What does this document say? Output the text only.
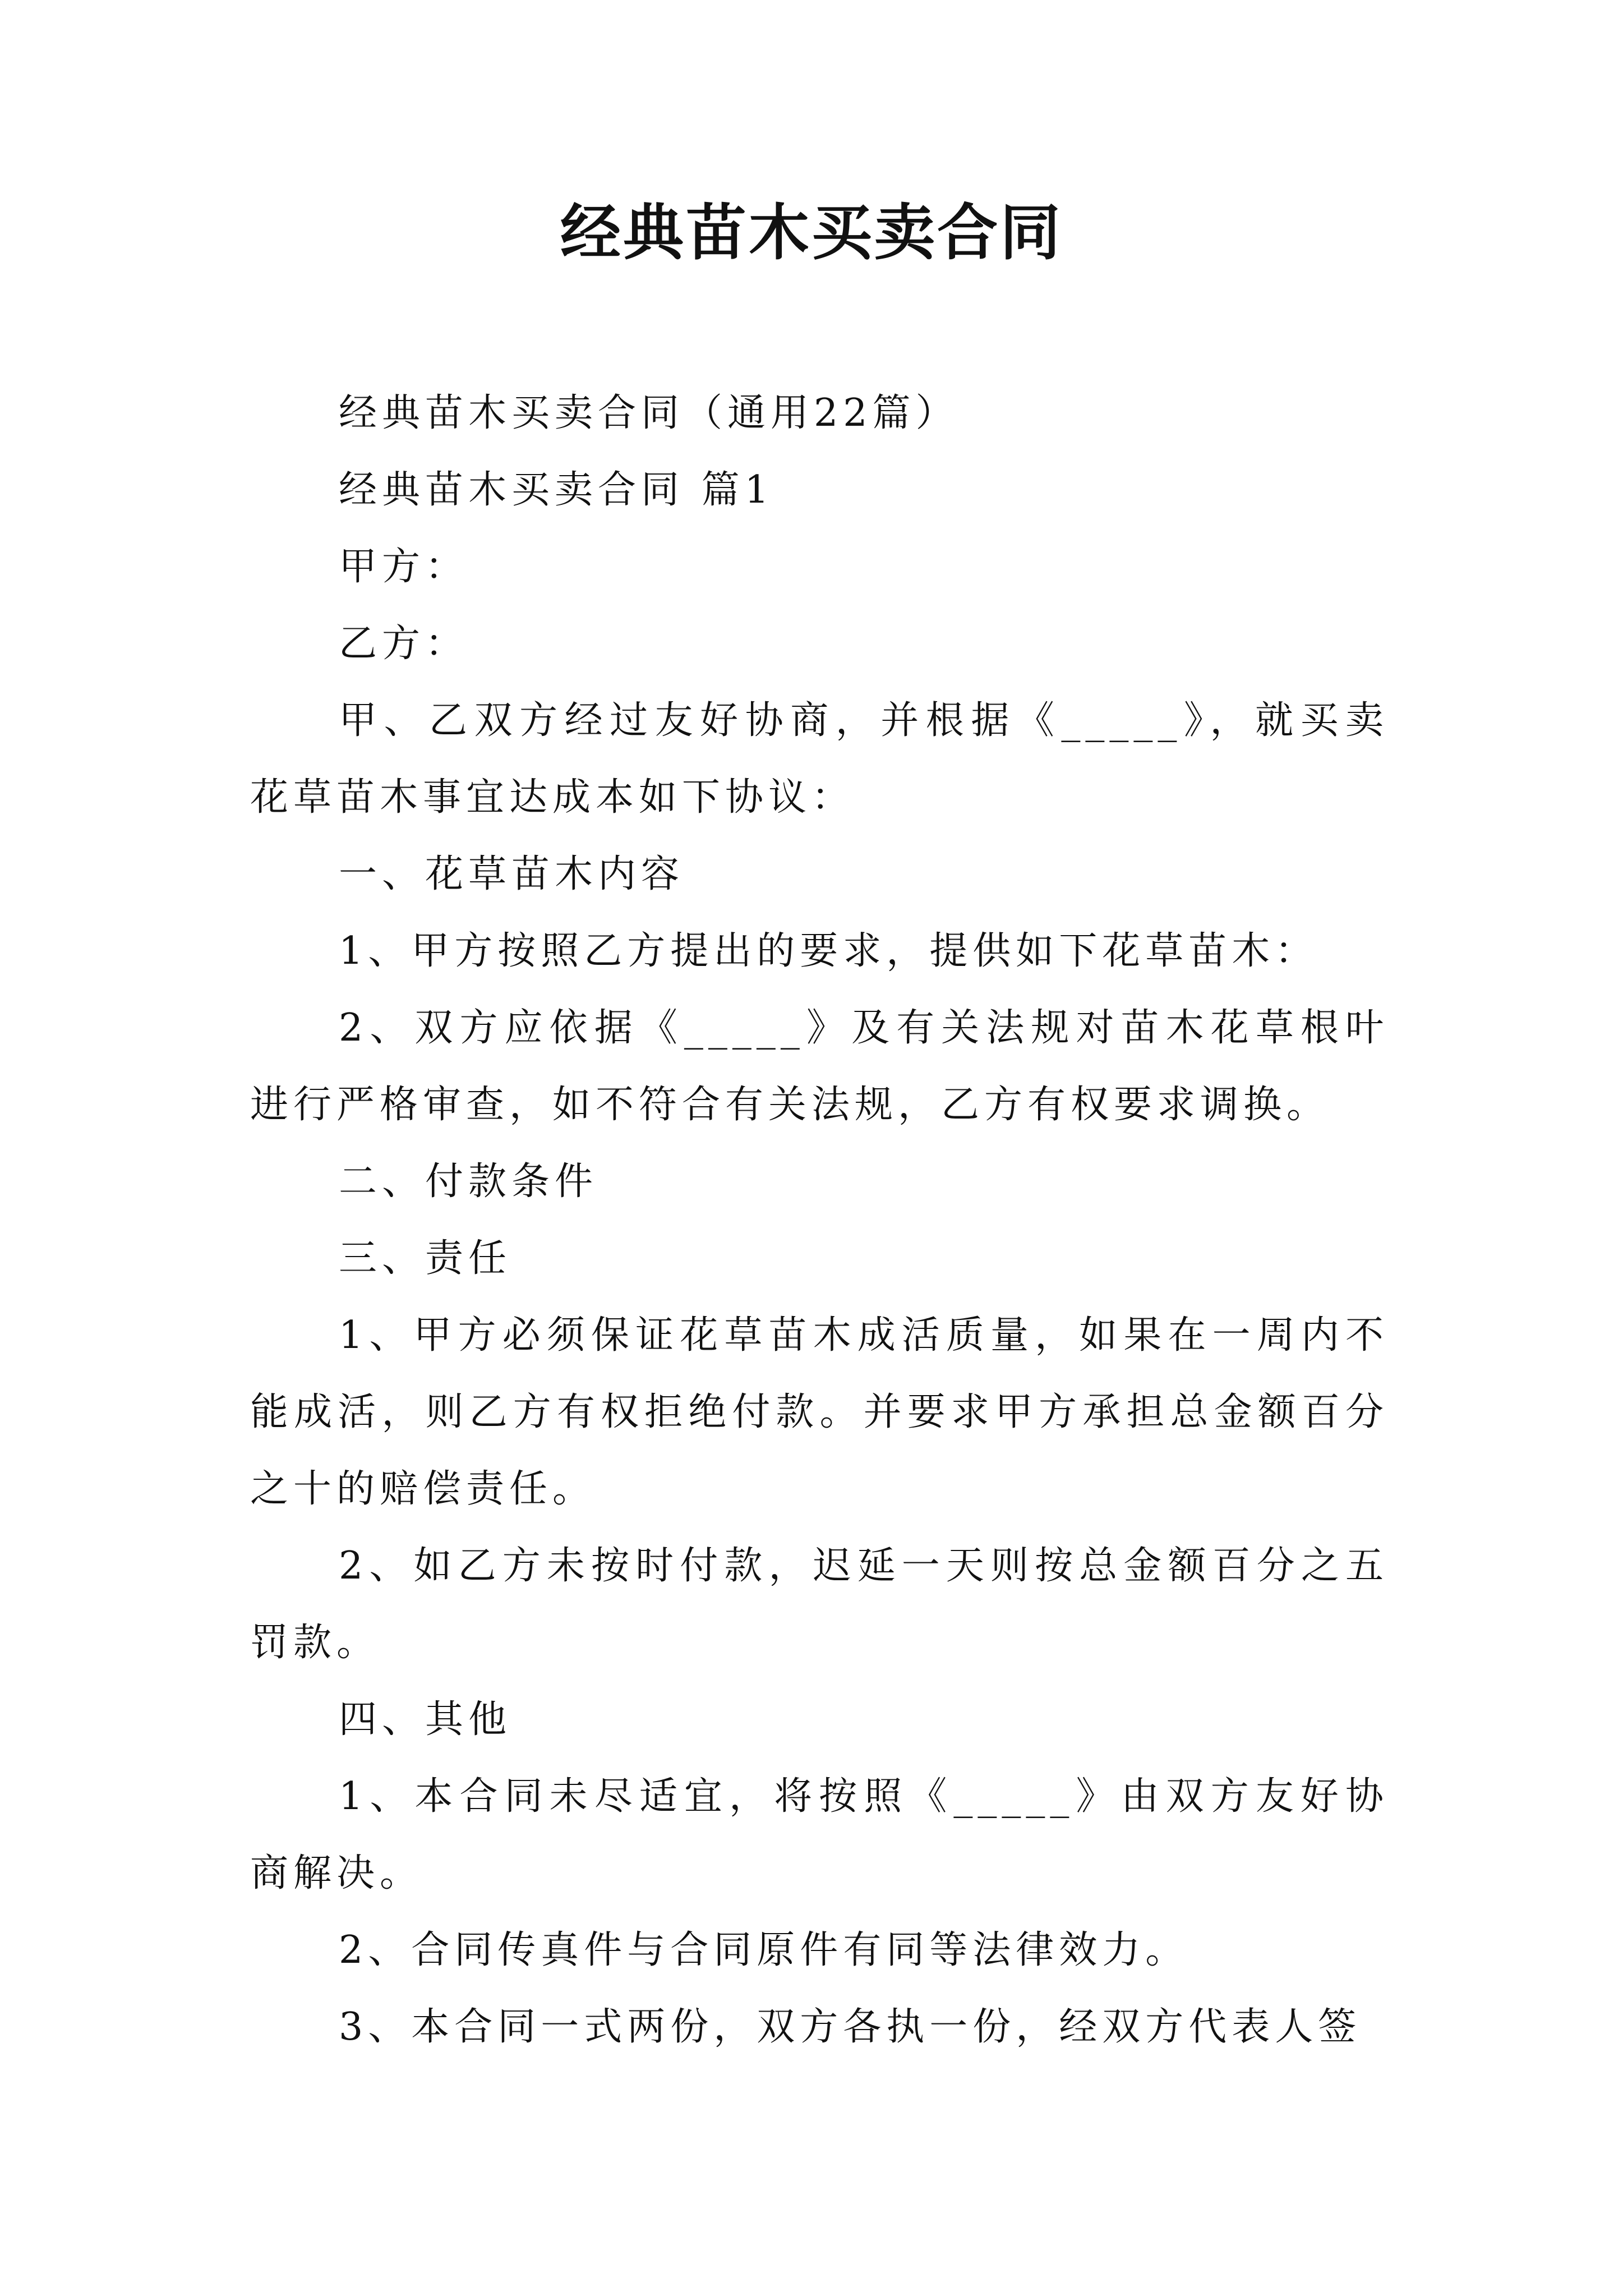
经典苗木买卖合同

经典苗木买卖合同（通用22篇）

经典苗木买卖合同 篇1

甲方：

乙方：

甲、乙双方经过友好协商，并根据《_____》，就买卖花草苗木事宜达成本如下协议：

一、花草苗木内容

1、甲方按照乙方提出的要求，提供如下花草苗木：

2、双方应依据《_____》及有关法规对苗木花草根叶进行严格审查，如不符合有关法规，乙方有权要求调换。

二、付款条件

三、责任

1、甲方必须保证花草苗木成活质量，如果在一周内不能成活，则乙方有权拒绝付款。并要求甲方承担总金额百分之十的赔偿责任。

2、如乙方未按时付款，迟延一天则按总金额百分之五罚款。

四、其他

1、本合同未尽适宜，将按照《_____》由双方友好协商解决。

2、合同传真件与合同原件有同等法律效力。

3、本合同一式两份，双方各执一份，经双方代表人签
